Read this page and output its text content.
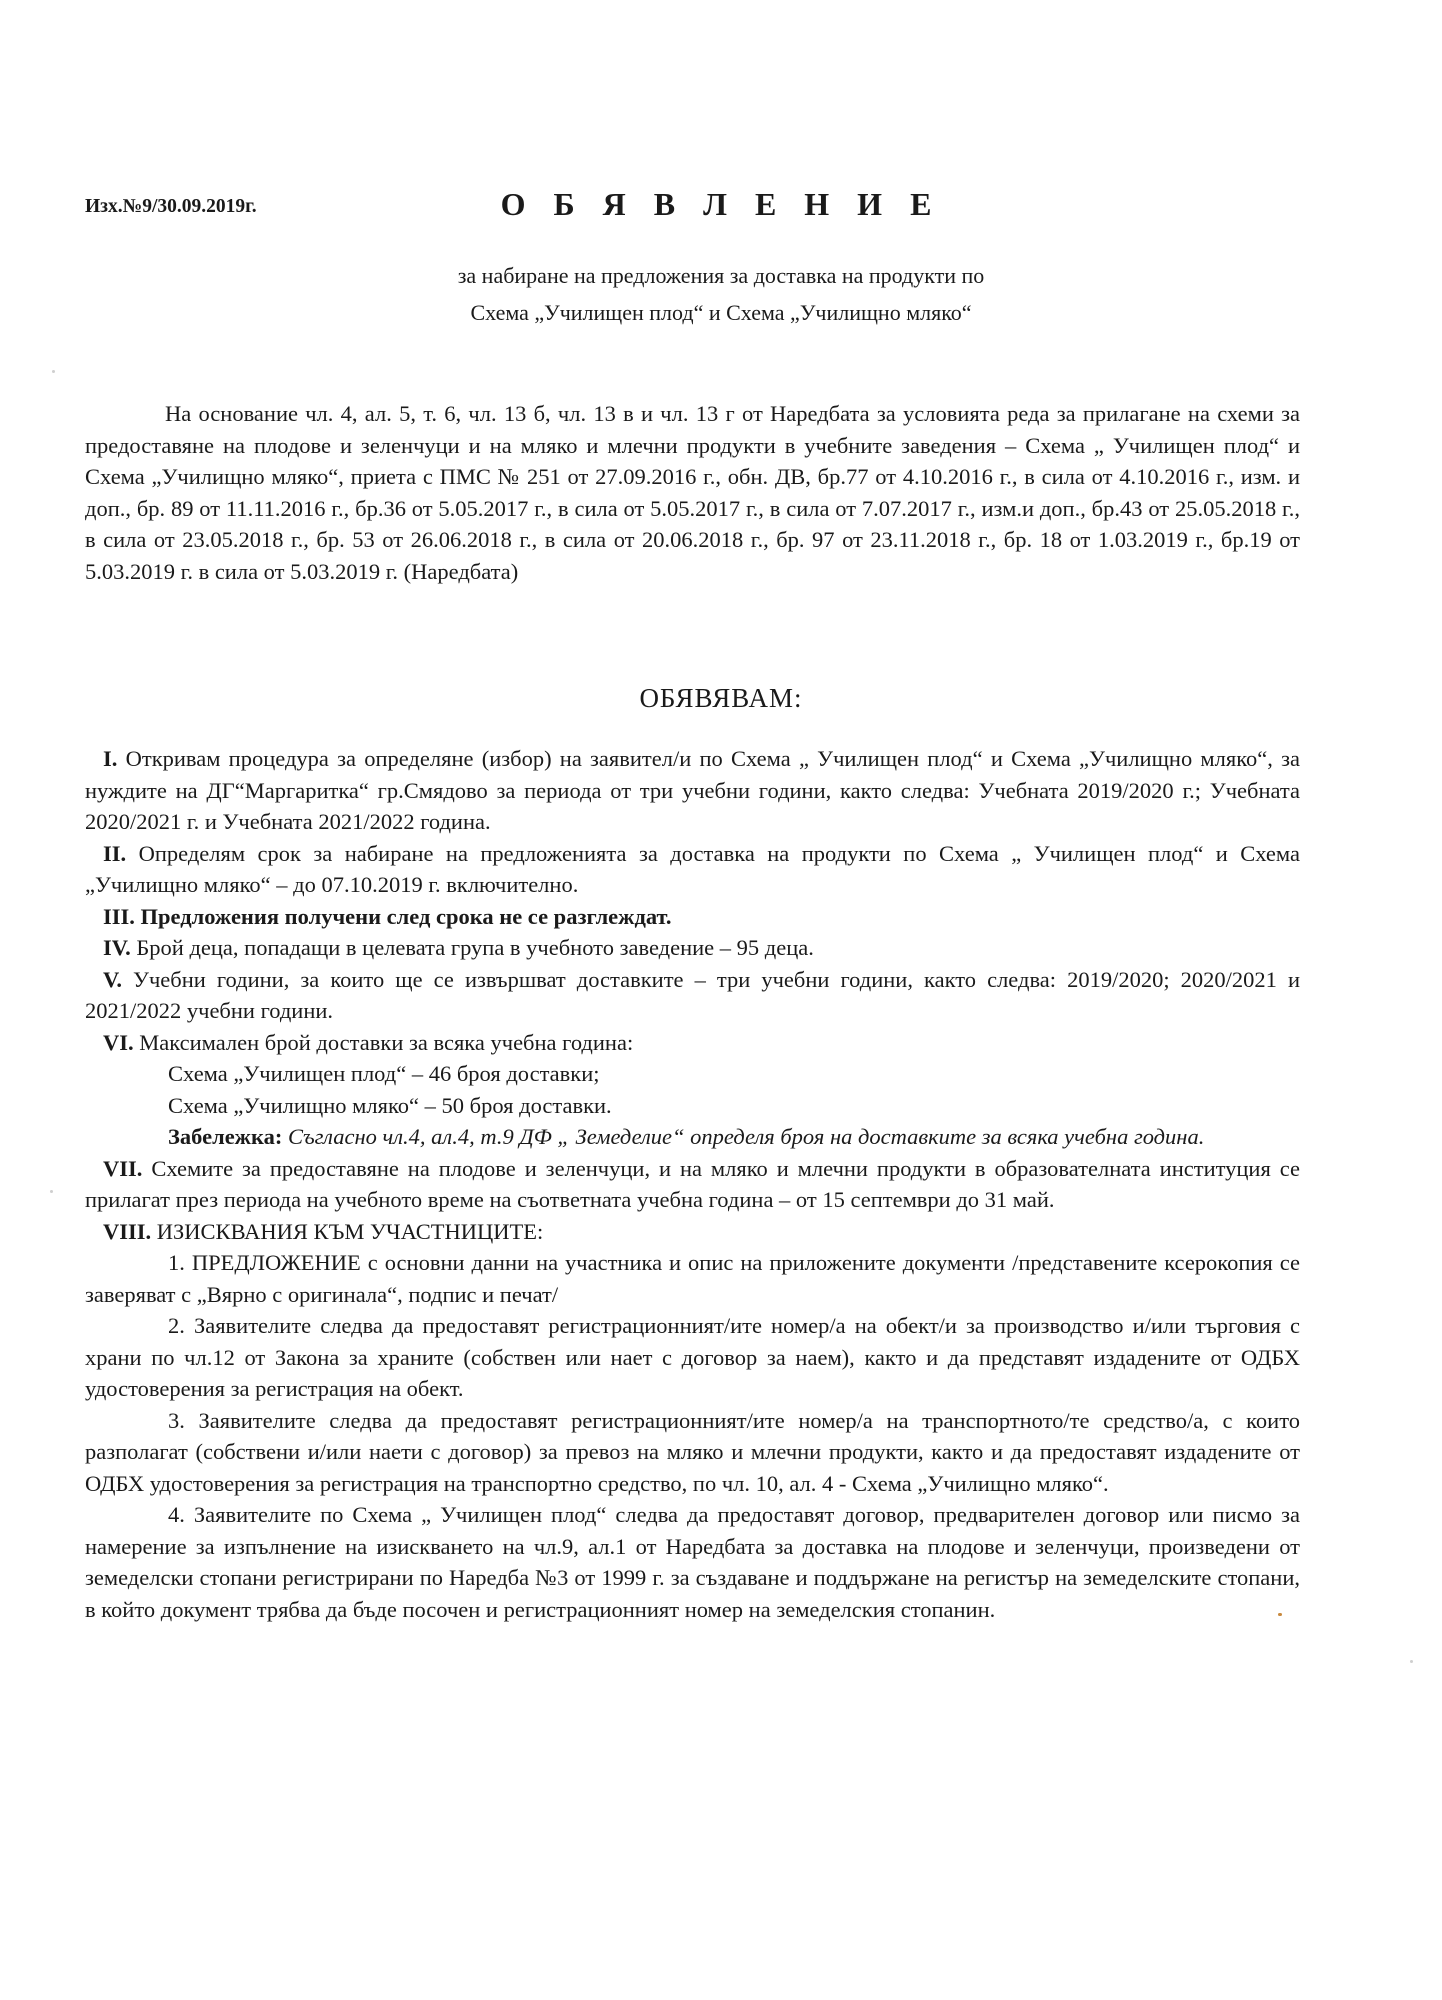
Изх.№9/30.09.2019г.	О Б Я В Л Е Н И Е
за набиране на предложения за доставка на продукти по
Схема „Училищен плод“ и Схема „Училищно мляко“

На основание чл. 4, ал. 5, т. 6, чл. 13 б, чл. 13 в и чл. 13 г от Наредбата за условията реда за прилагане на схеми за предоставяне на плодове и зеленчуци и на мляко и млечни продукти в учебните заведения – Схема „ Училищен плод“ и Схема „Училищно мляко“, приета с ПМС № 251 от 27.09.2016 г., обн. ДВ, бр.77 от 4.10.2016 г., в сила от 4.10.2016 г., изм. и доп., бр. 89 от 11.11.2016 г., бр.36 от 5.05.2017 г., в сила от 5.05.2017 г., в сила от 7.07.2017 г., изм.и доп., бр.43 от 25.05.2018 г., в сила от 23.05.2018 г., бр. 53 от 26.06.2018 г., в сила от 20.06.2018 г., бр. 97 от 23.11.2018 г., бр. 18 от 1.03.2019 г., бр.19 от 5.03.2019 г. в сила от 5.03.2019 г. (Наредбата)

ОБЯВЯВАМ:

I. Откривам процедура за определяне (избор) на заявител/и по Схема „ Училищен плод“ и Схема „Училищно мляко“, за нуждите на ДГ“Маргаритка“ гр.Смядово за периода от три учебни години, както следва: Учебната 2019/2020 г.; Учебната 2020/2021 г. и Учебната 2021/2022 година.

II. Определям срок за набиране на предложенията за доставка на продукти по Схема „ Училищен плод“ и Схема „Училищно мляко“ – до 07.10.2019 г. включително.

III. Предложения получени след срока не се разглеждат.

IV. Брой деца, попадащи в целевата група в учебното заведение – 95 деца.

V. Учебни години, за които ще се извършват доставките – три учебни години, както следва: 2019/2020; 2020/2021 и 2021/2022 учебни години.

VI. Максимален брой доставки за всяка учебна година:

Схема „Училищен плод“ – 46 броя доставки;

Схема „Училищно мляко“ – 50 броя доставки.

Забележка: Съгласно чл.4, ал.4, т.9 ДФ „ Земеделие“ определя броя на доставките за всяка учебна година.

VII. Схемите за предоставяне на плодове и зеленчуци, и на мляко и млечни продукти в образователната институция се прилагат през периода на учебното време на съответната учебна година – от 15 септември до 31 май.

VIII. ИЗИСКВАНИЯ КЪМ УЧАСТНИЦИТЕ:

1. ПРЕДЛОЖЕНИЕ с основни данни на участника и опис на приложените документи /представените ксерокопия се заверяват с „Вярно с оригинала“, подпис и печат/

2. Заявителите следва да предоставят регистрационният/ите номер/а на обект/и за производство и/или търговия с храни по чл.12 от Закона за храните (собствен или нает с договор за наем), както и да представят издадените от ОДБХ удостоверения за регистрация на обект.

3. Заявителите следва да предоставят регистрационният/ите номер/а на транспортното/те средство/а, с които разполагат (собствени и/или наети с договор) за превоз на мляко и млечни продукти, както и да предоставят издадените от ОДБХ удостоверения за регистрация на транспортно средство, по чл. 10, ал. 4 - Схема „Училищно мляко“.

4. Заявителите по Схема „ Училищен плод“ следва да предоставят договор, предварителен договор или писмо за намерение за изпълнение на изискването на чл.9, ал.1 от Наредбата за доставка на плодове и зеленчуци, произведени от земеделски стопани регистрирани по Наредба №3 от 1999 г. за създаване и поддържане на регистър на земеделските стопани, в който документ трябва да бъде посочен и регистрационният номер на земеделския стопанин.
